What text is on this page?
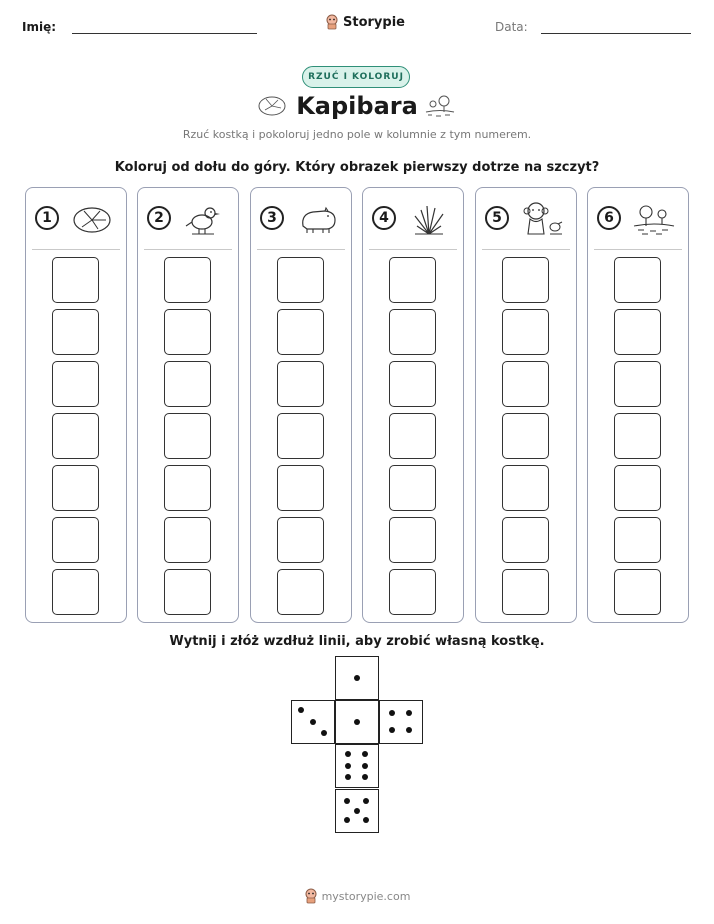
Imię:	Storypie	Data:
RZUĆ I KOLORUJ
Kapibara
Rzuć kostką i pokoloruj jedno pole w kolumnie z tym numerem.
Koloruj od dołu do góry. Który obrazek pierwszy dotrze na szczyt?
1	2	3	4	5	6
Wytnij i złóż wzdłuż linii, aby zrobić własną kostkę.
mystorypie.com
